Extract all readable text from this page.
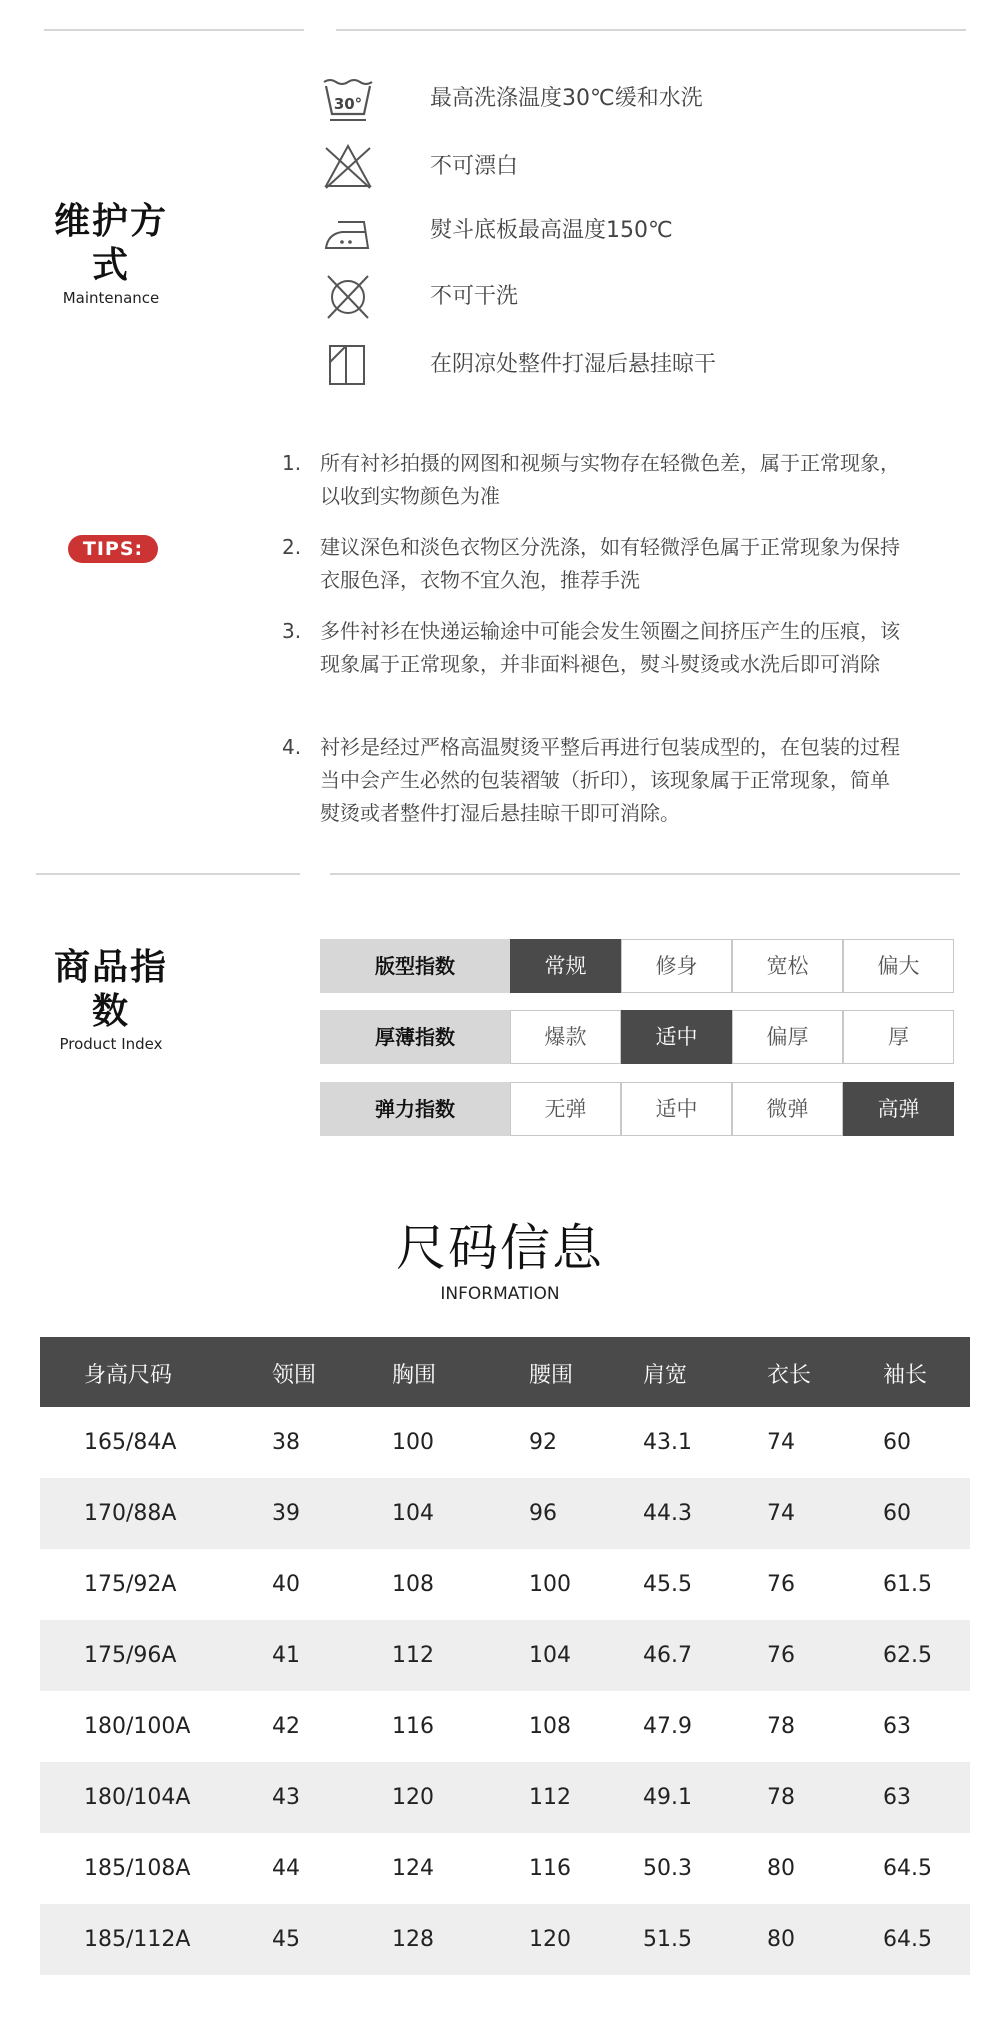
维护方式
Maintenance
30°	最高洗涤温度30℃缓和水洗
不可漂白
熨斗底板最高温度150℃
不可干洗
在阴凉处整件打湿后悬挂晾干
TIPS:
1. 所有衬衫拍摄的网图和视频与实物存在轻微色差，属于正常现象，以收到实物颜色为准
2. 建议深色和淡色衣物区分洗涤，如有轻微浮色属于正常现象为保持衣服色泽，衣物不宜久泡，推荐手洗
3. 多件衬衫在快递运输途中可能会发生领圈之间挤压产生的压痕，该现象属于正常现象，并非面料褪色，熨斗熨烫或水洗后即可消除
4. 衬衫是经过严格高温熨烫平整后再进行包装成型的，在包装的过程当中会产生必然的包装褶皱（折印），该现象属于正常现象，简单熨烫或者整件打湿后悬挂晾干即可消除。
商品指数
Product Index
版型指数	常规	修身	宽松	偏大
厚薄指数	爆款	适中	偏厚	厚
弹力指数	无弹	适中	微弹	高弹
尺码信息
INFORMATION
身高尺码	领围	胸围	腰围	肩宽	衣长	袖长
165/84A	38	100	92	43.1	74	60
170/88A	39	104	96	44.3	74	60
175/92A	40	108	100	45.5	76	61.5
175/96A	41	112	104	46.7	76	62.5
180/100A	42	116	108	47.9	78	63
180/104A	43	120	112	49.1	78	63
185/108A	44	124	116	50.3	80	64.5
185/112A	45	128	120	51.5	80	64.5
